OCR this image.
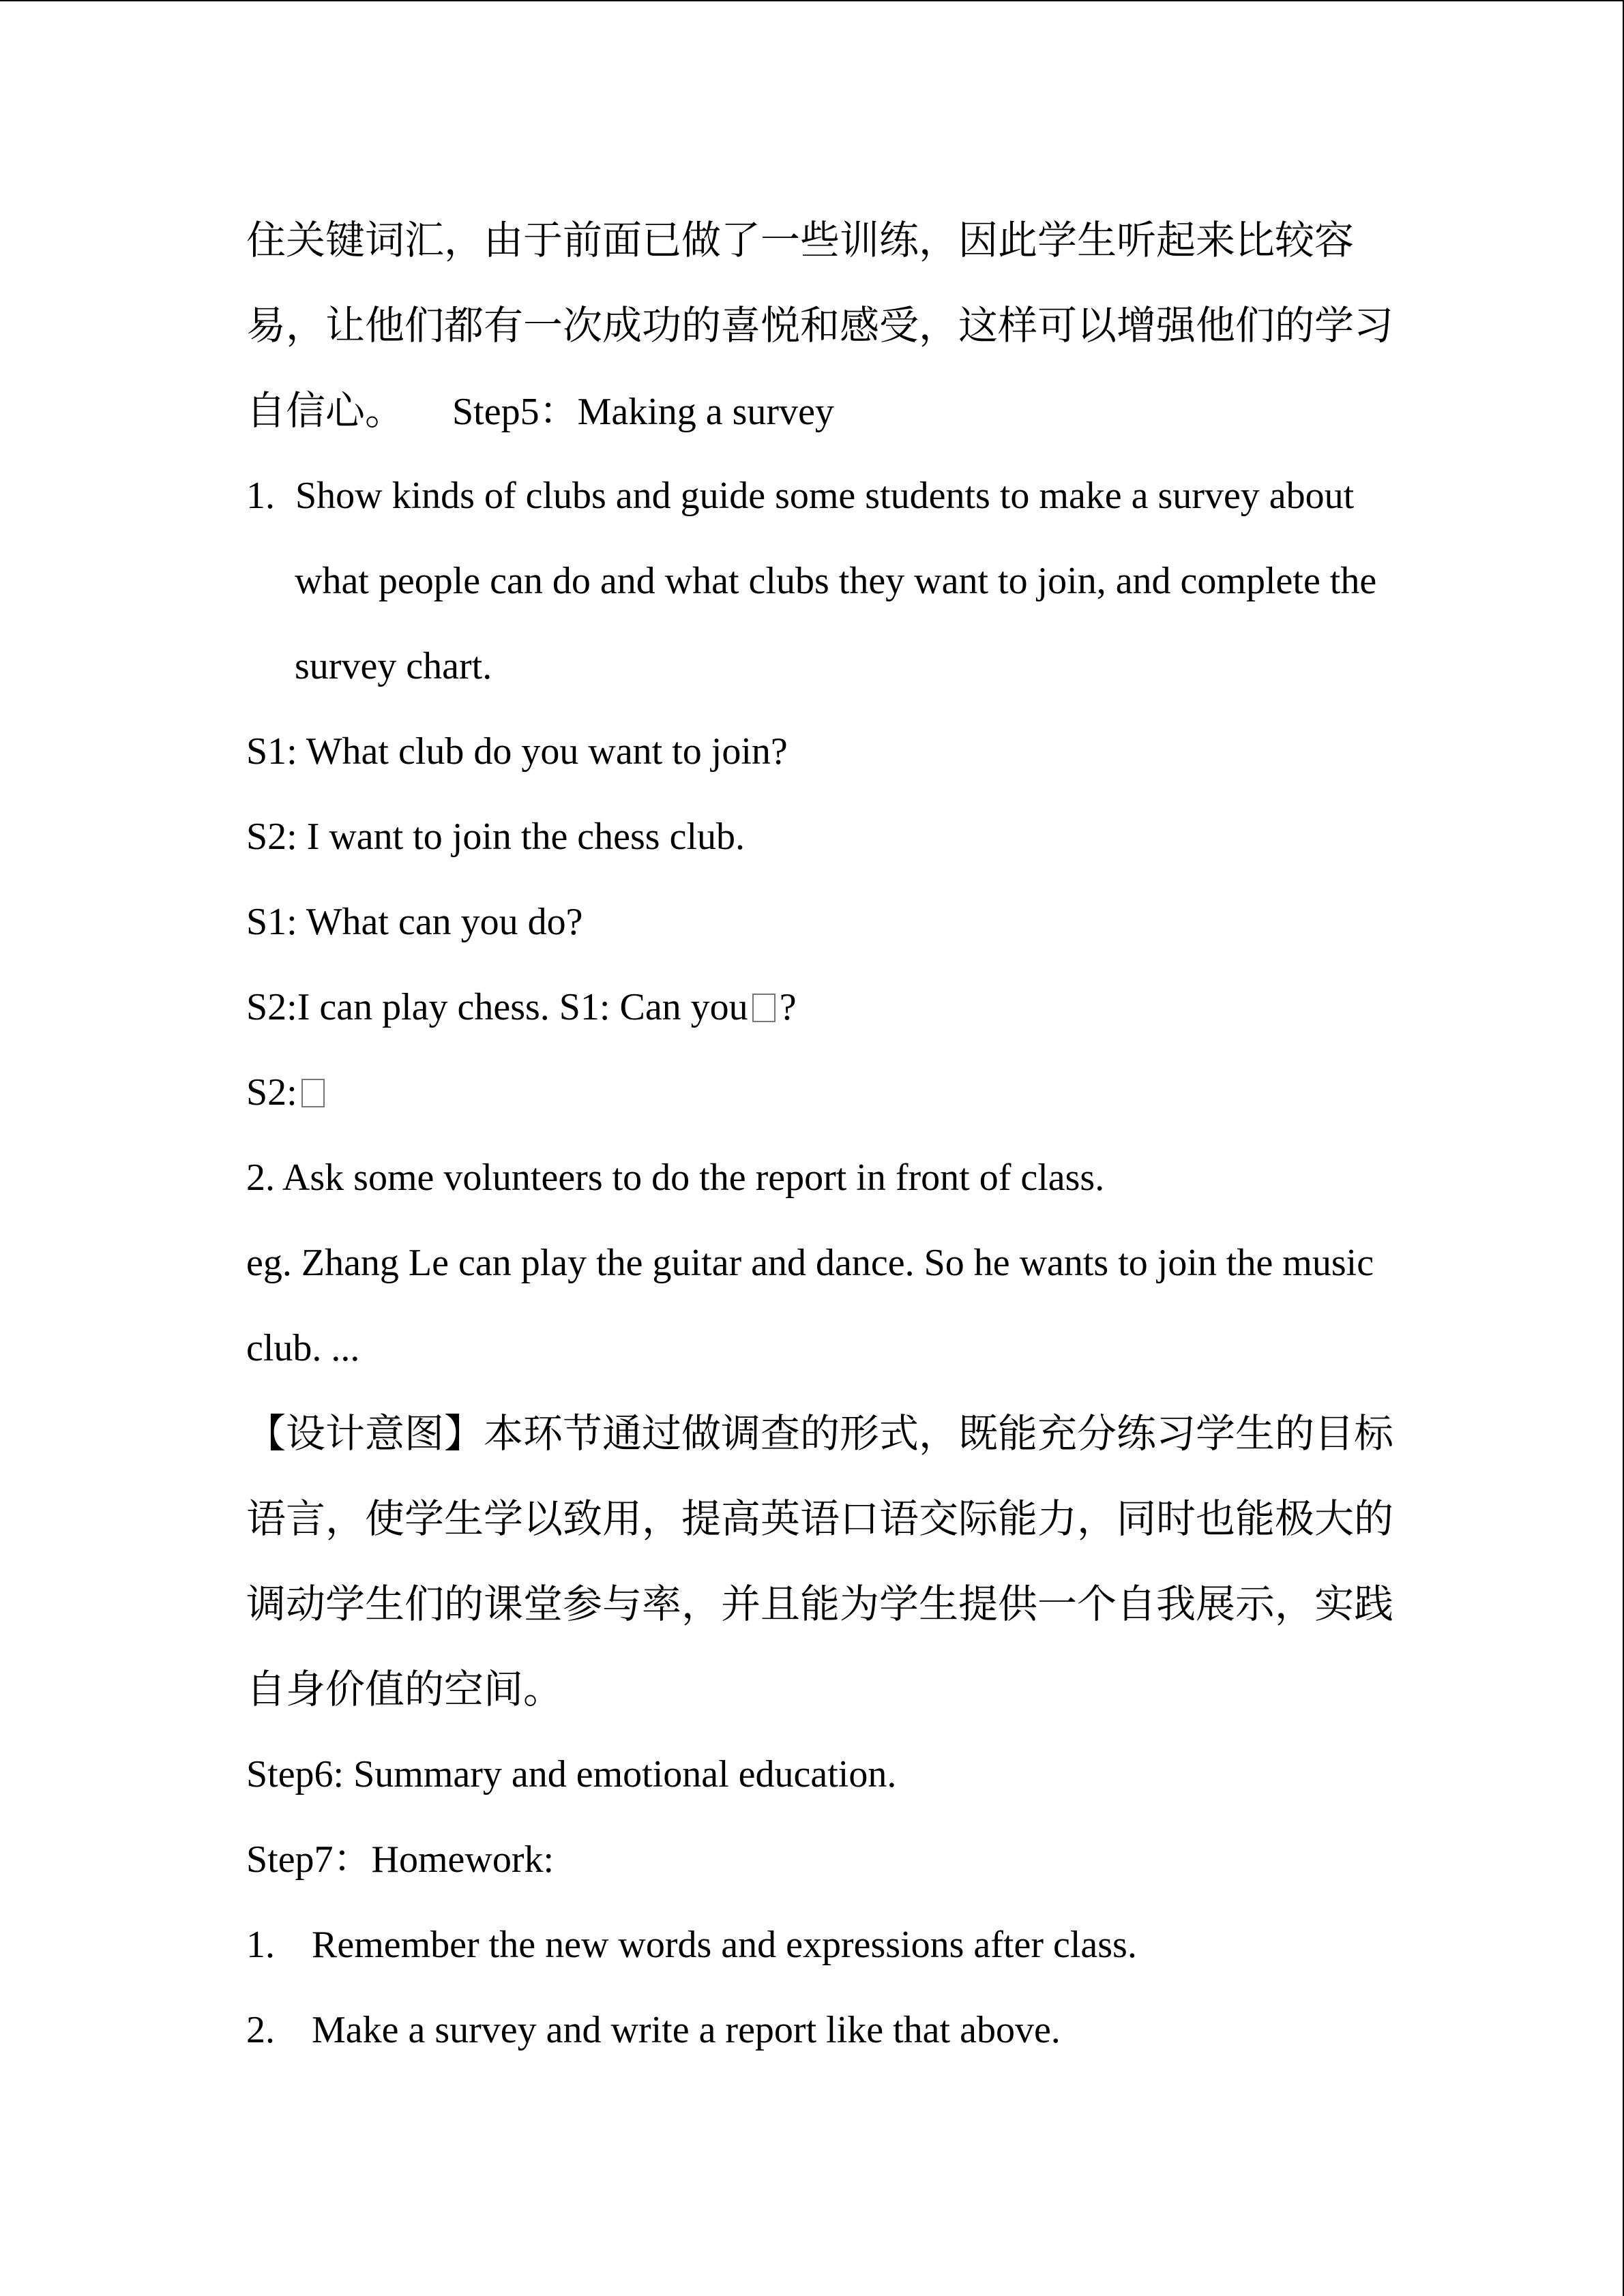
住关键词汇，由于前面已做了一些训练，因此学生听起来比较容
易，让他们都有一次成功的喜悦和感受，这样可以增强他们的学习
自信心。 Step5：Making a survey
1. Show kinds of clubs and guide some students to make a survey about
what people can do and what clubs they want to join, and complete the
survey chart.
S1: What club do you want to join?
S2: I want to join the chess club.
S1: What can you do?
S2:I can play chess. S1: Can you ?
S2:
2. Ask some volunteers to do the report in front of class.
eg. Zhang Le can play the guitar and dance. So he wants to join the music
club. ...
【设计意图】本环节通过做调查的形式，既能充分练习学生的目标
语言，使学生学以致用，提高英语口语交际能力，同时也能极大的
调动学生们的课堂参与率，并且能为学生提供一个自我展示，实践
自身价值的空间。
Step6: Summary and emotional education.
Step7：Homework:
1. Remember the new words and expressions after class.
2. Make a survey and write a report like that above.
